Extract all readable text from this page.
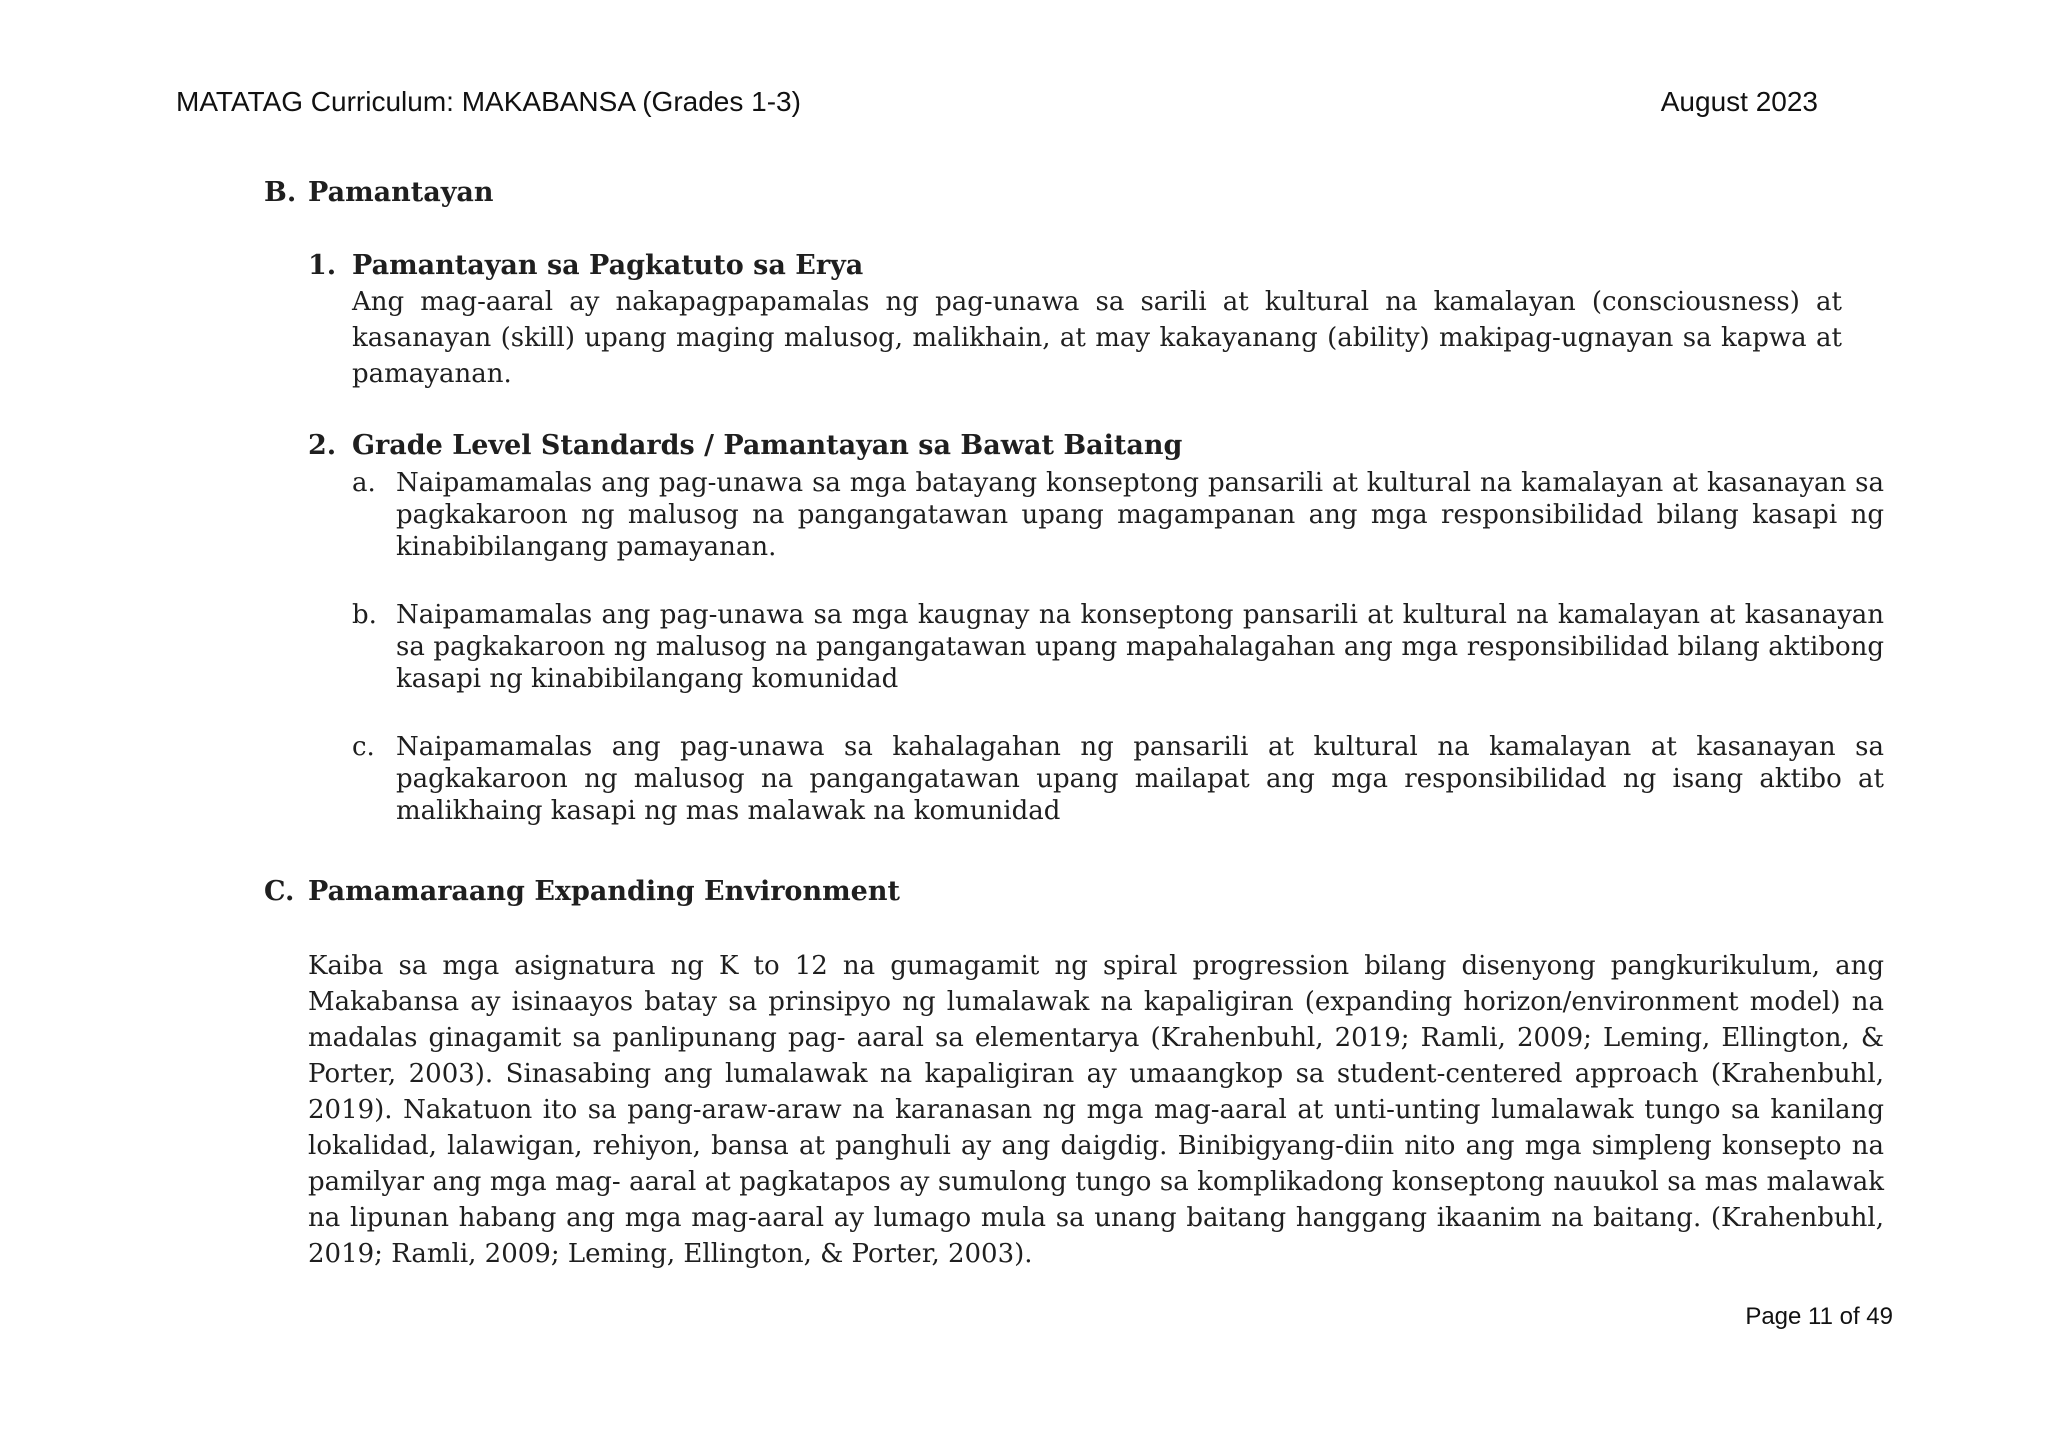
MATATAG Curriculum: MAKABANSA (Grades 1-3)	August 2023
B. Pamantayan
1. Pamantayan sa Pagkatuto sa Erya
Ang mag-aaral ay nakapagpapamalas ng pag-unawa sa sarili at kultural na kamalayan (consciousness) at kasanayan (skill) upang maging malusog, malikhain, at may kakayanang (ability) makipag-ugnayan sa kapwa at pamayanan.
2. Grade Level Standards / Pamantayan sa Bawat Baitang
a. Naipamamalas ang pag-unawa sa mga batayang konseptong pansarili at kultural na kamalayan at kasanayan sa pagkakaroon ng malusog na pangangatawan upang magampanan ang mga responsibilidad bilang kasapi ng kinabibilangang pamayanan.
b. Naipamamalas ang pag-unawa sa mga kaugnay na konseptong pansarili at kultural na kamalayan at kasanayan sa pagkakaroon ng malusog na pangangatawan upang mapahalagahan ang mga responsibilidad bilang aktibong kasapi ng kinabibilangang komunidad
c. Naipamamalas ang pag-unawa sa kahalagahan ng pansarili at kultural na kamalayan at kasanayan sa pagkakaroon ng malusog na pangangatawan upang mailapat ang mga responsibilidad ng isang aktibo at malikhaing kasapi ng mas malawak na komunidad
C. Pamamaraang Expanding Environment
Kaiba sa mga asignatura ng K to 12 na gumagamit ng spiral progression bilang disenyong pangkurikulum, ang Makabansa ay isinaayos batay sa prinsipyo ng lumalawak na kapaligiran (expanding horizon/environment model) na madalas ginagamit sa panlipunang pag- aaral sa elementarya (Krahenbuhl, 2019; Ramli, 2009; Leming, Ellington, & Porter, 2003). Sinasabing ang lumalawak na kapaligiran ay umaangkop sa student-centered approach (Krahenbuhl, 2019). Nakatuon ito sa pang-araw-araw na karanasan ng mga mag-aaral at unti-unting lumalawak tungo sa kanilang lokalidad, lalawigan, rehiyon, bansa at panghuli ay ang daigdig. Binibigyang-diin nito ang mga simpleng konsepto na pamilyar ang mga mag- aaral at pagkatapos ay sumulong tungo sa komplikadong konseptong nauukol sa mas malawak na lipunan habang ang mga mag-aaral ay lumago mula sa unang baitang hanggang ikaanim na baitang. (Krahenbuhl, 2019; Ramli, 2009; Leming, Ellington, & Porter, 2003).
Page 11 of 49
